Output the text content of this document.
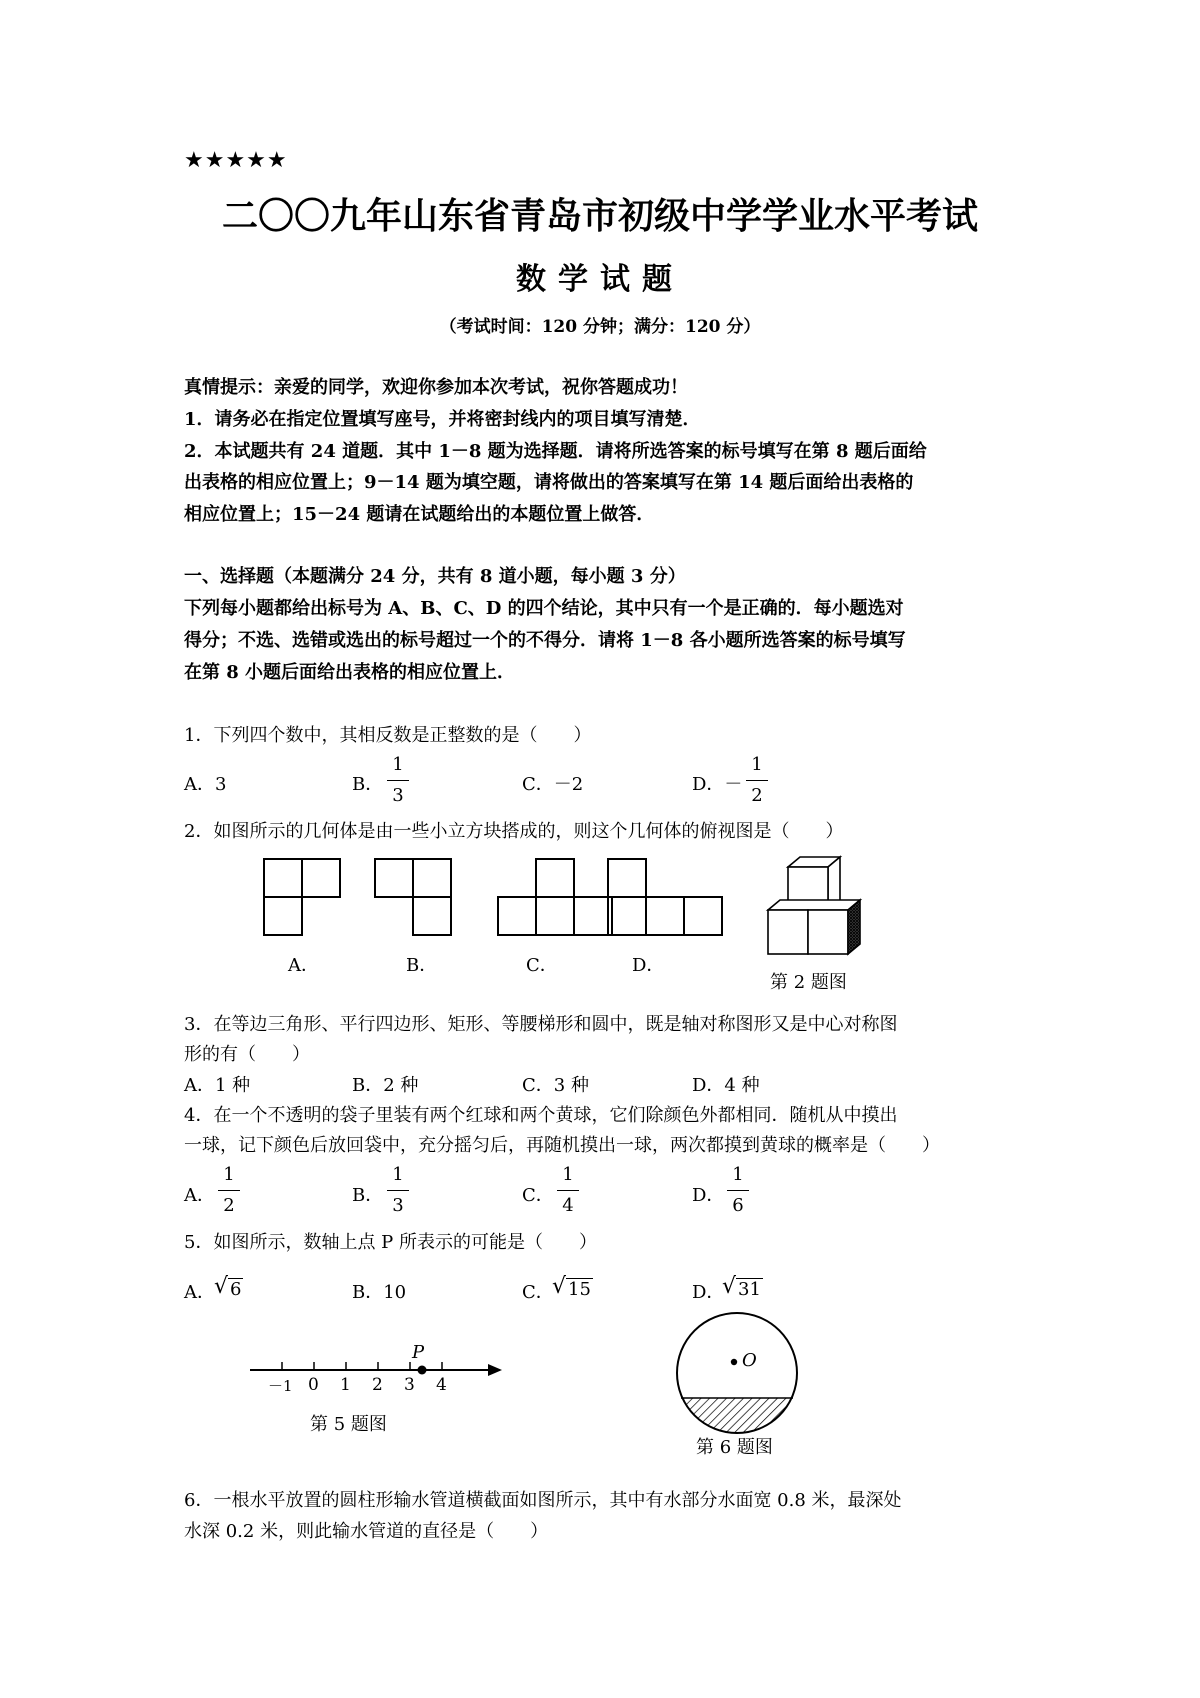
★★★★★
二〇〇九年山东省青岛市初级中学学业水平考试
数学试题
（考试时间：120 分钟；满分：120 分）
真情提示：亲爱的同学，欢迎你参加本次考试，祝你答题成功！
1．请务必在指定位置填写座号，并将密封线内的项目填写清楚．
2．本试题共有 24 道题．其中 1－8 题为选择题．请将所选答案的标号填写在第 8 题后面给
出表格的相应位置上；9－14 题为填空题，请将做出的答案填写在第 14 题后面给出表格的
相应位置上；15－24 题请在试题给出的本题位置上做答．
一、选择题（本题满分 24 分，共有 8 道小题，每小题 3 分）
下列每小题都给出标号为 A、B、C、D 的四个结论，其中只有一个是正确的．每小题选对
得分；不选、选错或选出的标号超过一个的不得分．请将 1－8 各小题所选答案的标号填写
在第 8 小题后面给出表格的相应位置上．
1．下列四个数中，其相反数是正整数的是（　　）
A．3	B．
1
3
C．－2	D．－
1
2
2．如图所示的几何体是由一些小立方块搭成的，则这个几何体的俯视图是（　　）
A．	B．	C．	D．
第 2 题图
3．在等边三角形、平行四边形、矩形、等腰梯形和圆中，既是轴对称图形又是中心对称图
形的有（　　）
A．1 种	B．2 种	C．3 种	D．4 种
4．在一个不透明的袋子里装有两个红球和两个黄球，它们除颜色外都相同．随机从中摸出
一球，记下颜色后放回袋中，充分摇匀后，再随机摸出一球，两次都摸到黄球的概率是（　　）
A．
1
2	B．
1
3	C．
1
4	D．
1
6
5．如图所示，数轴上点 P 所表示的可能是（　　）
A． √ 6	B．10	C．
√ 15	D．
√ 31
P
－1 0 1 2 3 4
第 5 题图
O
第 6 题图
6．一根水平放置的圆柱形输水管道横截面如图所示，其中有水部分水面宽 0.8 米，最深处
水深 0.2 米，则此输水管道的直径是（　　）
